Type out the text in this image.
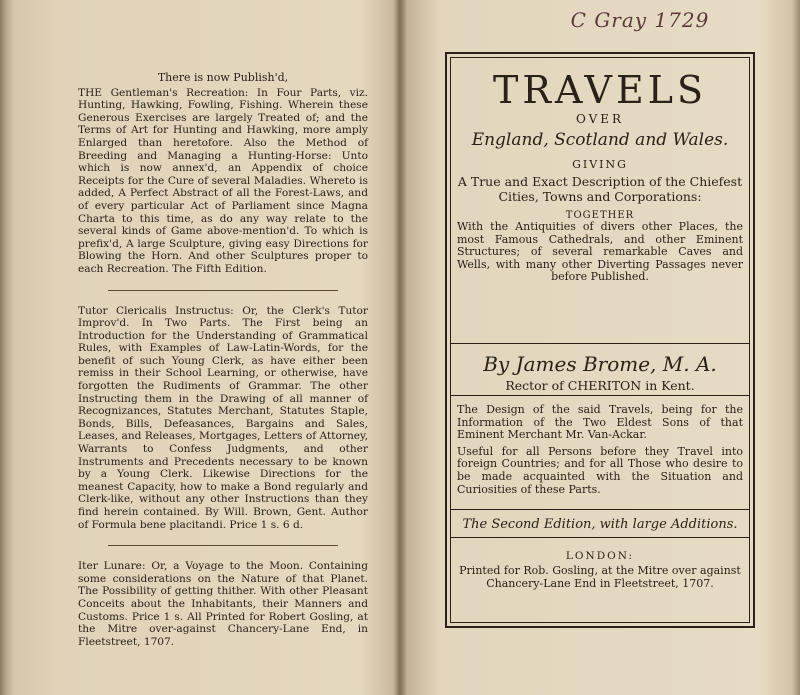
There is now Publish'd,
THE Gentleman's Recreation: In Four Parts, viz. Hunting, Hawking, Fowling, Fishing. Wherein these Generous Exercises are largely Treated of; and the Terms of Art for Hunting and Hawking, more amply Enlarged than heretofore. Also the Method of Breeding and Managing a Hunting-Horse: Unto which is now annex'd, an Appendix of choice Receipts for the Cure of several Maladies. Whereto is added, A Perfect Abstract of all the Forest-Laws, and of every particular Act of Parliament since Magna Charta to this time, as do any way relate to the several kinds of Game above-mention'd. To which is prefix'd, A large Sculpture, giving easy Directions for Blowing the Horn. And other Sculptures proper to each Recreation. The Fifth Edition.
Tutor Clericalis Instructus: Or, the Clerk's Tutor Improv'd. In Two Parts. The First being an Introduction for the Understanding of Grammatical Rules, with Examples of Law-Latin-Words, for the benefit of such Young Clerk, as have either been remiss in their School Learning, or otherwise, have forgotten the Rudiments of Grammar. The other Instructing them in the Drawing of all manner of Recognizances, Statutes Merchant, Statutes Staple, Bonds, Bills, Defeasances, Bargains and Sales, Leases, and Releases, Mortgages, Letters of Attorney, Warrants to Confess Judgments, and other Instruments and Precedents necessary to be known by a Young Clerk. Likewise Directions for the meanest Capacity, how to make a Bond regularly and Clerk-like, without any other Instructions than they find herein contained. By Will. Brown, Gent. Author of Formula bene placitandi. Price 1 s. 6 d.
Iter Lunare: Or, a Voyage to the Moon. Containing some considerations on the Nature of that Planet. The Possibility of getting thither. With other Pleasant Conceits about the Inhabitants, their Manners and Customs. Price 1 s. All Printed for Robert Gosling, at the Mitre over-against Chancery-Lane End, in Fleetstreet, 1707.
C Gray 1729
TRAVELS
OVER
England, Scotland and Wales.
GIVING
A True and Exact Description of the Chiefest Cities, Towns and Corporations:
TOGETHER
With the Antiquities of divers other Places, the most Famous Cathedrals, and other Eminent Structures; of several remarkable Caves and Wells, with many other Diverting Passages never before Published.
By James Brome, M. A.
Rector of CHERITON in Kent.

The Design of the said Travels, being for the Information of the Two Eldest Sons of that Eminent Merchant Mr. Van-Ackar.

Useful for all Persons before they Travel into foreign Countries; and for all Those who desire to be made acquainted with the Situation and Curiosities of these Parts.

The Second Edition, with large Additions.
LONDON:
Printed for Rob. Gosling, at the Mitre over against Chancery-Lane End in Fleetstreet, 1707.
